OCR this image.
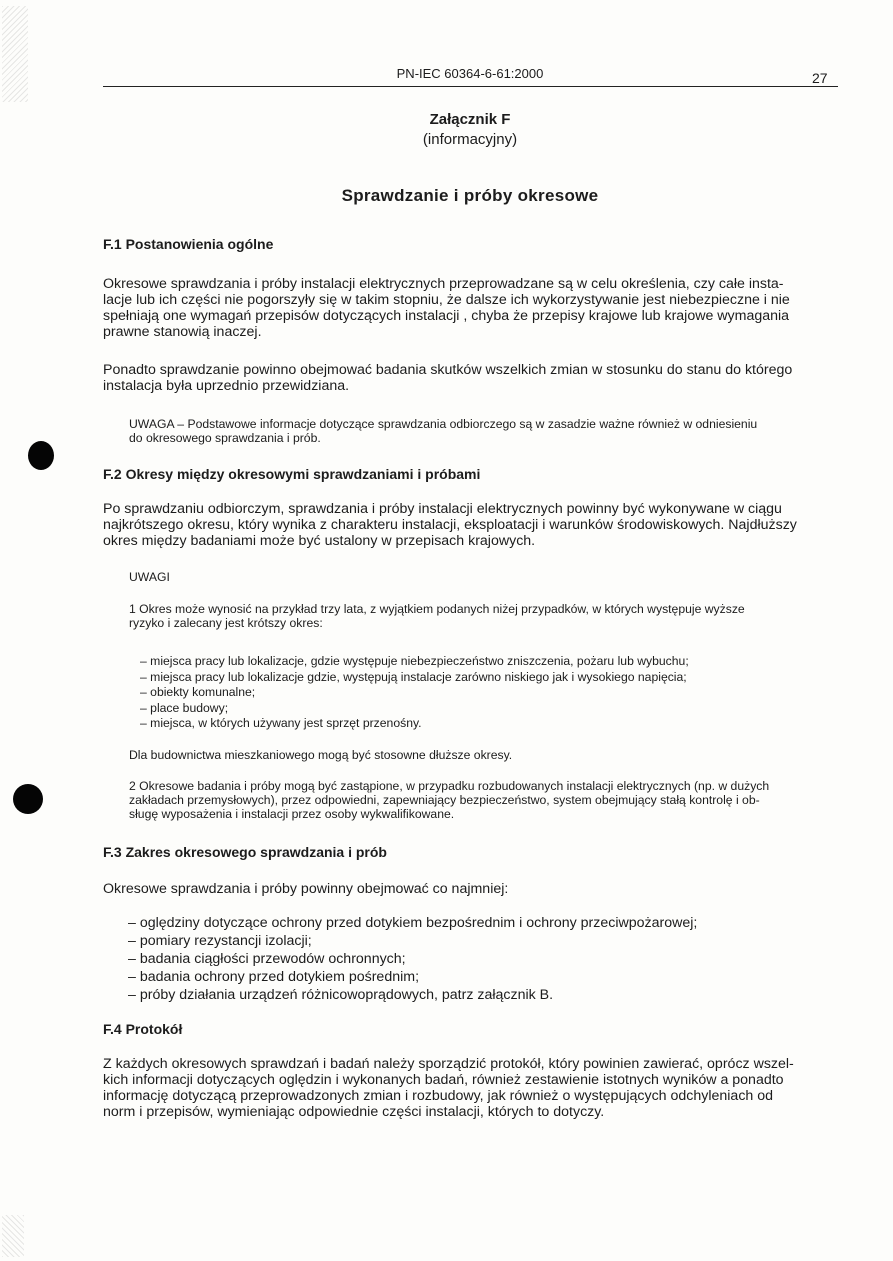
PN-IEC 60364-6-61:2000	27
Załącznik F
(informacyjny)
Sprawdzanie i próby okresowe
F.1 Postanowienia ogólne
Okresowe sprawdzania i próby instalacji elektrycznych przeprowadzane są w celu określenia, czy całe insta-
lacje lub ich części nie pogorszyły się w takim stopniu, że dalsze ich wykorzystywanie jest niebezpieczne i nie
spełniają one wymagań przepisów dotyczących instalacji , chyba że przepisy krajowe lub krajowe wymagania
prawne stanowią inaczej.
Ponadto sprawdzanie powinno obejmować badania skutków wszelkich zmian w stosunku do stanu do którego
instalacja była uprzednio przewidziana.
UWAGA – Podstawowe informacje dotyczące sprawdzania odbiorczego są w zasadzie ważne również w odniesieniu
do okresowego sprawdzania i prób.
F.2 Okresy między okresowymi sprawdzaniami i próbami
Po sprawdzaniu odbiorczym, sprawdzania i próby instalacji elektrycznych powinny być wykonywane w ciągu
najkrótszego okresu, który wynika z charakteru instalacji, eksploatacji i warunków środowiskowych. Najdłuższy
okres między badaniami może być ustalony w przepisach krajowych.
UWAGI
1 Okres może wynosić na przykład trzy lata, z wyjątkiem podanych niżej przypadków, w których występuje wyższe
ryzyko i zalecany jest krótszy okres:
– miejsca pracy lub lokalizacje, gdzie występuje niebezpieczeństwo zniszczenia, pożaru lub wybuchu;
– miejsca pracy lub lokalizacje gdzie, występują instalacje zarówno niskiego jak i wysokiego napięcia;
– obiekty komunalne;
– place budowy;
– miejsca, w których używany jest sprzęt przenośny.
Dla budownictwa mieszkaniowego mogą być stosowne dłuższe okresy.
2 Okresowe badania i próby mogą być zastąpione, w przypadku rozbudowanych instalacji elektrycznych (np. w dużych
zakładach przemysłowych), przez odpowiedni, zapewniający bezpieczeństwo, system obejmujący stałą kontrolę i ob-
sługę wyposażenia i instalacji przez osoby wykwalifikowane.
F.3 Zakres okresowego sprawdzania i prób
Okresowe sprawdzania i próby powinny obejmować co najmniej:
– oględziny dotyczące ochrony przed dotykiem bezpośrednim i ochrony przeciwpożarowej;
– pomiary rezystancji izolacji;
– badania ciągłości przewodów ochronnych;
– badania ochrony przed dotykiem pośrednim;
– próby działania urządzeń różnicowoprądowych, patrz załącznik B.
F.4 Protokół
Z każdych okresowych sprawdzań i badań należy sporządzić protokół, który powinien zawierać, oprócz wszel-
kich informacji dotyczących oględzin i wykonanych badań, również zestawienie istotnych wyników a ponadto
informację dotyczącą przeprowadzonych zmian i rozbudowy, jak również o występujących odchyleniach od
norm i przepisów, wymieniając odpowiednie części instalacji, których to dotyczy.
